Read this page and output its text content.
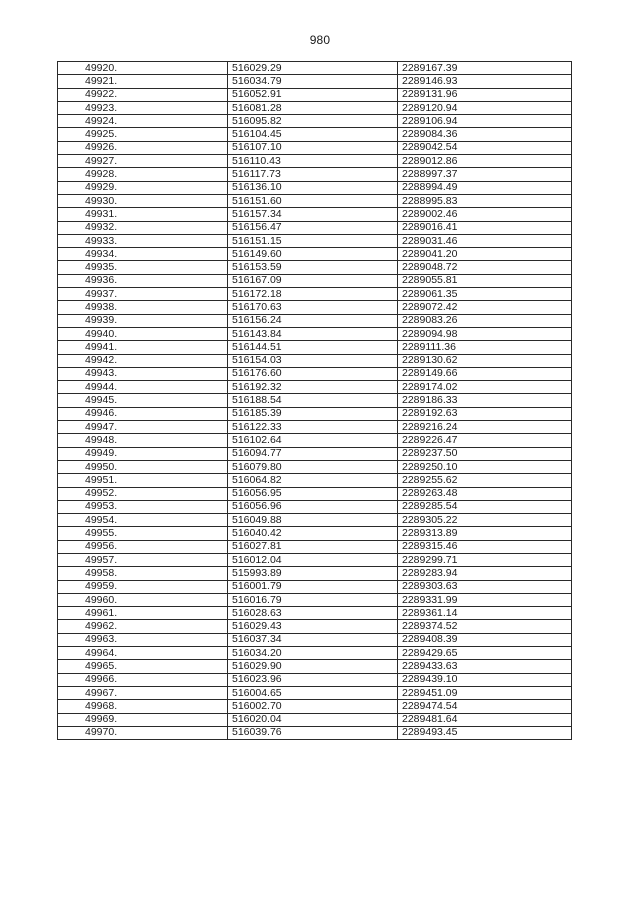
980
49920.	516029.29	2289167.39
49921.	516034.79	2289146.93
49922.	516052.91	2289131.96
49923.	516081.28	2289120.94
49924.	516095.82	2289106.94
49925.	516104.45	2289084.36
49926.	516107.10	2289042.54
49927.	516110.43	2289012.86
49928.	516117.73	2288997.37
49929.	516136.10	2288994.49
49930.	516151.60	2288995.83
49931.	516157.34	2289002.46
49932.	516156.47	2289016.41
49933.	516151.15	2289031.46
49934.	516149.60	2289041.20
49935.	516153.59	2289048.72
49936.	516167.09	2289055.81
49937.	516172.18	2289061.35
49938.	516170.63	2289072.42
49939.	516156.24	2289083.26
49940.	516143.84	2289094.98
49941.	516144.51	2289111.36
49942.	516154.03	2289130.62
49943.	516176.60	2289149.66
49944.	516192.32	2289174.02
49945.	516188.54	2289186.33
49946.	516185.39	2289192.63
49947.	516122.33	2289216.24
49948.	516102.64	2289226.47
49949.	516094.77	2289237.50
49950.	516079.80	2289250.10
49951.	516064.82	2289255.62
49952.	516056.95	2289263.48
49953.	516056.96	2289285.54
49954.	516049.88	2289305.22
49955.	516040.42	2289313.89
49956.	516027.81	2289315.46
49957.	516012.04	2289299.71
49958.	515993.89	2289283.94
49959.	516001.79	2289303.63
49960.	516016.79	2289331.99
49961.	516028.63	2289361.14
49962.	516029.43	2289374.52
49963.	516037.34	2289408.39
49964.	516034.20	2289429.65
49965.	516029.90	2289433.63
49966.	516023.96	2289439.10
49967.	516004.65	2289451.09
49968.	516002.70	2289474.54
49969.	516020.04	2289481.64
49970.	516039.76	2289493.45
